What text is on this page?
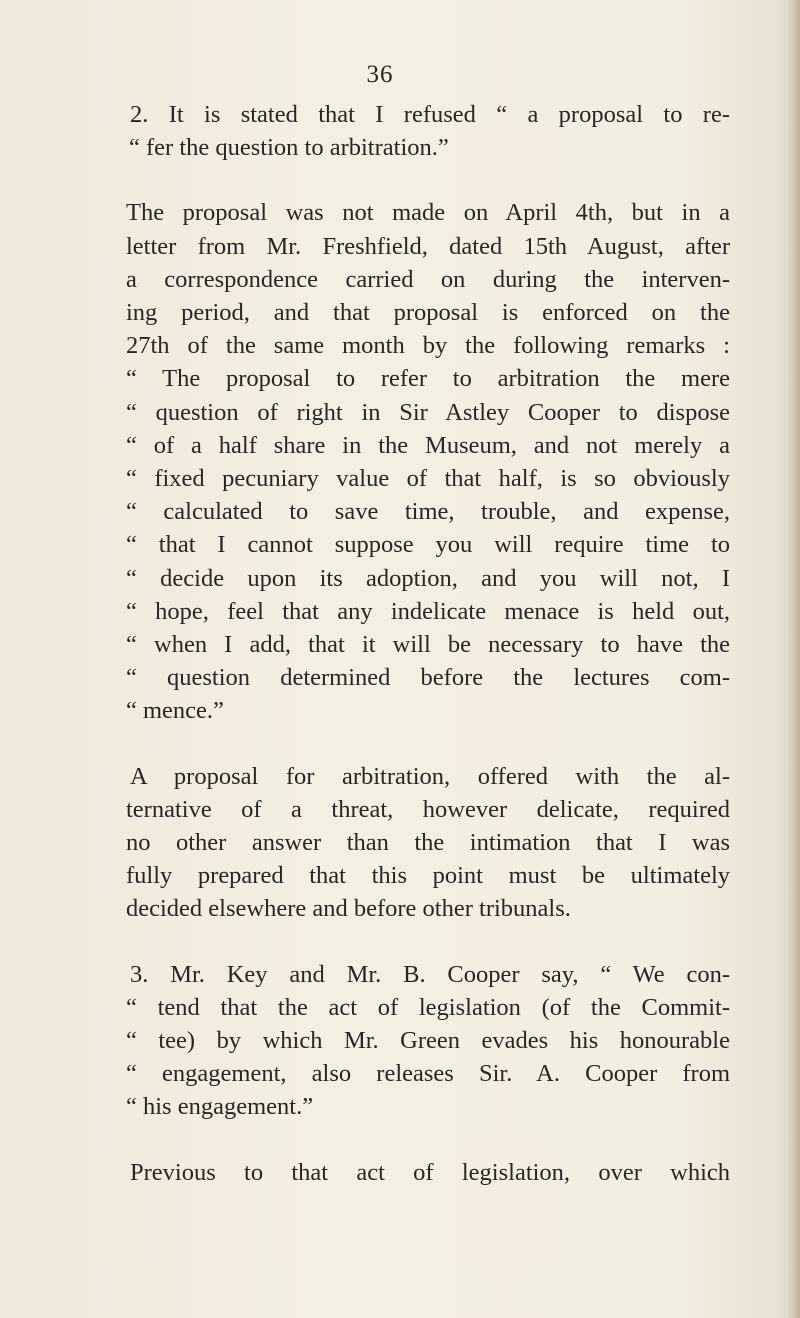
36
2. It is stated that I refused “ a proposal to re-
“ fer the question to arbitration.”
The proposal was not made on April 4th, but in a
letter from Mr. Freshfield, dated 15th August, after
a correspondence carried on during the interven-
ing period, and that proposal is enforced on the
27th of the same month by the following remarks :
“ The proposal to refer to arbitration the mere
“ question of right in Sir Astley Cooper to dispose
“ of a half share in the Museum, and not merely a
“ fixed pecuniary value of that half, is so obviously
“ calculated to save time, trouble, and expense,
“ that I cannot suppose you will require time to
“ decide upon its adoption, and you will not, I
“ hope, feel that any indelicate menace is held out,
“ when I add, that it will be necessary to have the
“ question determined before the lectures com-
“ mence.”
A proposal for arbitration, offered with the al-
ternative of a threat, however delicate, required
no other answer than the intimation that I was
fully prepared that this point must be ultimately
decided elsewhere and before other tribunals.
3. Mr. Key and Mr. B. Cooper say, “ We con-
“ tend that the act of legislation (of the Commit-
“ tee) by which Mr. Green evades his honourable
“ engagement, also releases Sir. A. Cooper from
“ his engagement.”
Previous to that act of legislation, over which
